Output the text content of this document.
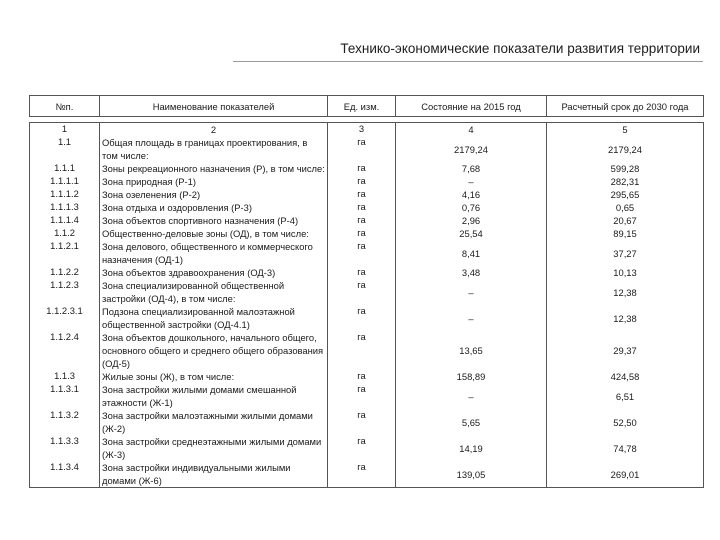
Технико-экономические показатели развития территории
№п.	Наименование показателей	Ед. изм.	Состояние на 2015 год	Расчетный срок до 2030 года

1	2	3	4	5
1.1	Общая площадь в границах проектирования, в том числе:	га	2179,24	2179,24
1.1.1	Зоны рекреационного назначения (Р), в том числе:	га	7,68	599,28
1.1.1.1	Зона природная (Р-1)	га	–	282,31
1.1.1.2	Зона озеленения (Р-2)	га	4,16	295,65
1.1.1.3	Зона отдыха и оздоровления (Р-3)	га	0,76	0,65
1.1.1.4	Зона объектов спортивного назначения (Р-4)	га	2,96	20,67
1.1.2	Общественно-деловые зоны (ОД), в том числе:	га	25,54	89,15
1.1.2.1	Зона делового, общественного и коммерческого назначения (ОД-1)	га	8,41	37,27
1.1.2.2	Зона объектов здравоохранения (ОД-3)	га	3,48	10,13
1.1.2.3	Зона специализированной общественной застройки (ОД-4), в том числе:	га	–	12,38
1.1.2.3.1	Подзона специализированной малоэтажной общественной застройки (ОД-4.1)	га	–	12,38
1.1.2.4	Зона объектов дошкольного, начального общего, основного общего и среднего общего образования (ОД-5)	га	13,65	29,37
1.1.3	Жилые зоны (Ж), в том числе:	га	158,89	424,58
1.1.3.1	Зона застройки жилыми домами смешанной этажности (Ж-1)	га	–	6,51
1.1.3.2	Зона застройки малоэтажными жилыми домами (Ж-2)	га	5,65	52,50
1.1.3.3	Зона застройки среднеэтажными жилыми домами (Ж-3)	га	14,19	74,78
1.1.3.4	Зона застройки индивидуальными жилыми домами (Ж-6)	га	139,05	269,01
